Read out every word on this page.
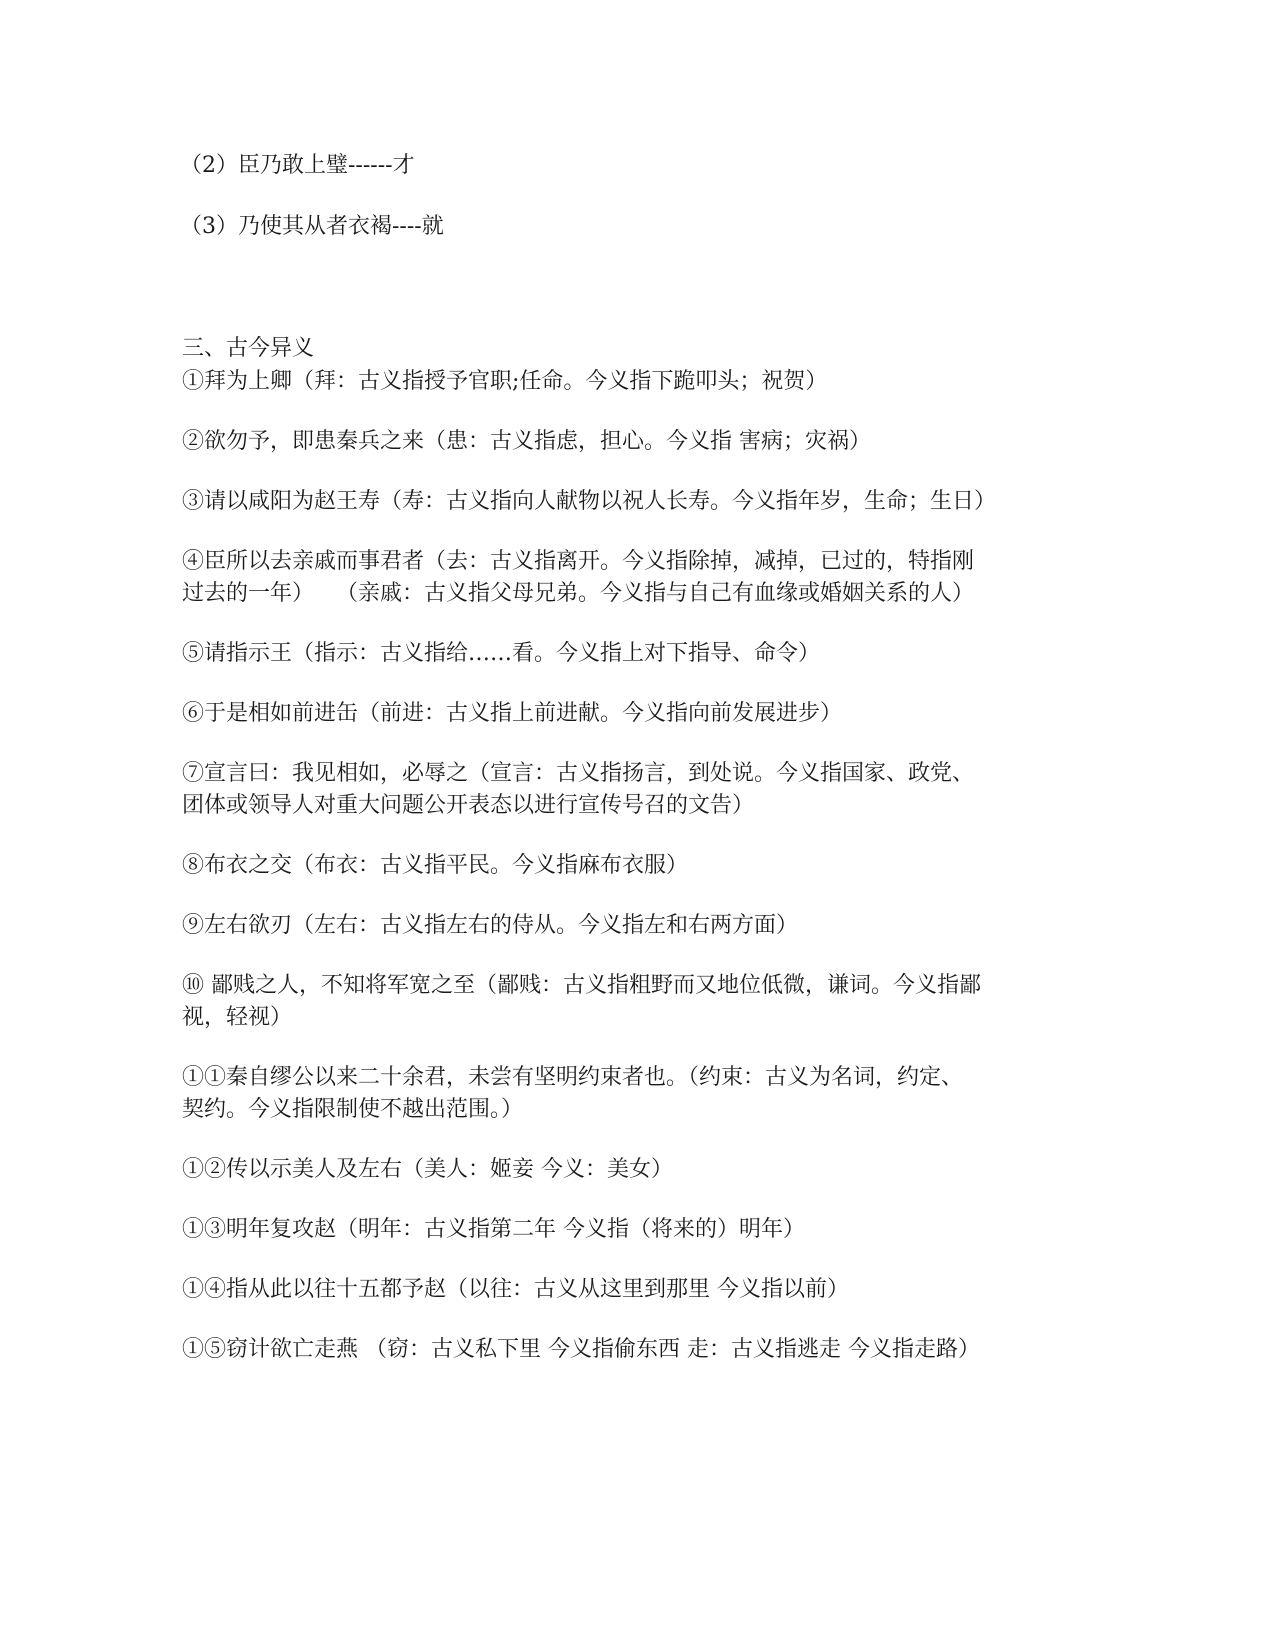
（2）臣乃敢上璧------才
（3）乃使其从者衣褐----就
三、古今异义
①拜为上卿（拜：古义指授予官职;任命。今义指下跪叩头；祝贺）
②欲勿予，即患秦兵之来（患：古义指虑，担心。今义指 害病；灾祸）
③请以咸阳为赵王寿（寿：古义指向人献物以祝人长寿。今义指年岁，生命；生日）
④臣所以去亲戚而事君者（去：古义指离开。今义指除掉，减掉，已过的，特指刚
过去的一年）　　（亲戚：古义指父母兄弟。今义指与自己有血缘或婚姻关系的人）
⑤请指示王（指示：古义指给……看。今义指上对下指导、命令）
⑥于是相如前进缶（前进：古义指上前进献。今义指向前发展进步）
⑦宣言曰：我见相如，必辱之（宣言：古义指扬言，到处说。今义指国家、政党、
团体或领导人对重大问题公开表态以进行宣传号召的文告）
⑧布衣之交（布衣：古义指平民。今义指麻布衣服）
⑨左右欲刃（左右：古义指左右的侍从。今义指左和右两方面）
⑩ 鄙贱之人，不知将军宽之至（鄙贱：古义指粗野而又地位低微，谦词。今义指鄙
视，轻视）
①①秦自缪公以来二十余君，未尝有坚明约束者也。（约束：古义为名词，约定、
契约。今义指限制使不越出范围。）
①②传以示美人及左右（美人：姬妾 今义：美女）
①③明年复攻赵（明年：古义指第二年 今义指（将来的）明年）
①④指从此以往十五都予赵（以往：古义从这里到那里 今义指以前）
①⑤窃计欲亡走燕 （窃：古义私下里 今义指偷东西 走：古义指逃走 今义指走路）
